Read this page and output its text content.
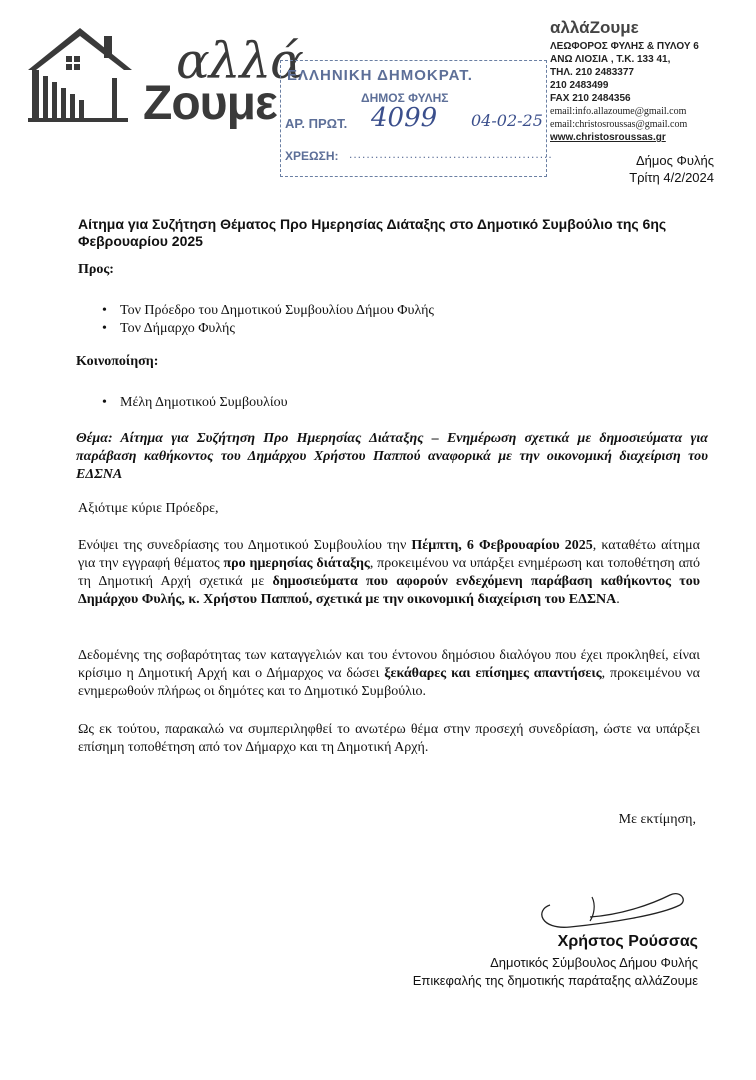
αλλά
Ζουμε
αλλάΖουμε
ΛΕΩΦΟΡΟΣ ΦΥΛΗΣ & ΠΥΛΟΥ 6
ΑΝΩ ΛΙΟΣΙΑ , Τ.Κ. 133 41,
ΤΗΛ. 210 2483377
210 2483499
FAX 210 2484356
email:info.allazoume@gmail.com
email:christosroussas@gmail.com
www.christosroussas.gr
ΕΛΛΗΝΙΚΗ ΔΗΜΟΚΡΑΤ.
ΔΗΜΟΣ ΦΥΛΗΣ
ΑΡ. ΠΡΩΤ. 4099 04-02-25
ΧΡΕΩΣΗ: ...............................................	Δήμος Φυλής
Τρίτη 4/2/2024
Αίτημα για Συζήτηση Θέματος Προ Ημερησίας Διάταξης στο Δημοτικό Συμβούλιο της 6ης Φεβρουαρίου 2025
Προς:
• Τον Πρόεδρο του Δημοτικού Συμβουλίου Δήμου Φυλής
• Τον Δήμαρχο Φυλής
Κοινοποίηση:
• Μέλη Δημοτικού Συμβουλίου
Θέμα: Αίτημα για Συζήτηση Προ Ημερησίας Διάταξης – Ενημέρωση σχετικά με δημοσιεύματα για παράβαση καθήκοντος του Δημάρχου Χρήστου Παππού αναφορικά με την οικονομική διαχείριση του ΕΔΣΝΑ
Αξιότιμε κύριε Πρόεδρε,
Ενόψει της συνεδρίασης του Δημοτικού Συμβουλίου την Πέμπτη, 6 Φεβρουαρίου 2025, καταθέτω αίτημα για την εγγραφή θέματος προ ημερησίας διάταξης, προκειμένου να υπάρξει ενημέρωση και τοποθέτηση από τη Δημοτική Αρχή σχετικά με δημοσιεύματα που αφορούν ενδεχόμενη παράβαση καθήκοντος του Δημάρχου Φυλής, κ. Χρήστου Παππού, σχετικά με την οικονομική διαχείριση του ΕΔΣΝΑ.
Δεδομένης της σοβαρότητας των καταγγελιών και του έντονου δημόσιου διαλόγου που έχει προκληθεί, είναι κρίσιμο η Δημοτική Αρχή και ο Δήμαρχος να δώσει ξεκάθαρες και επίσημες απαντήσεις, προκειμένου να ενημερωθούν πλήρως οι δημότες και το Δημοτικό Συμβούλιο.
Ως εκ τούτου, παρακαλώ να συμπεριληφθεί το ανωτέρω θέμα στην προσεχή συνεδρίαση, ώστε να υπάρξει επίσημη τοποθέτηση από τον Δήμαρχο και τη Δημοτική Αρχή.
Με εκτίμηση,
Χρήστος Ρούσσας
Δημοτικός Σύμβουλος Δήμου Φυλής
Επικεφαλής της δημοτικής παράταξης αλλάΖουμε
